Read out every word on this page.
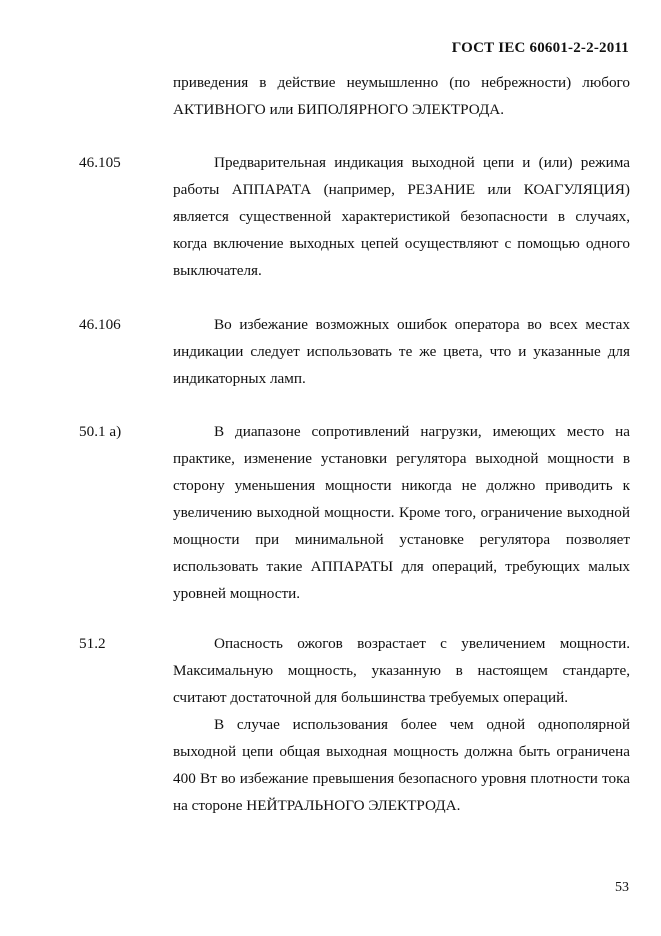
ГОСТ IEC 60601-2-2-2011

приведения в действие неумышленно (по небрежности) любого АКТИВНОГО или БИПОЛЯРНОГО ЭЛЕКТРОДА.

46.105	Предварительная индикация выходной цепи и (или) режима работы АППАРАТА (например, РЕЗАНИЕ или КОАГУЛЯЦИЯ) является существенной характеристикой безопасности в случаях, когда включение выходных цепей осуществляют с помощью одного выключателя.

46.106	Во избежание возможных ошибок оператора во всех местах индикации следует использовать те же цвета, что и указанные для индикаторных ламп.

50.1 а)	В диапазоне сопротивлений нагрузки, имеющих место на практике, изменение установки регулятора выходной мощности в сторону уменьшения мощности никогда не должно приводить к увеличению выходной мощности. Кроме того, ограничение выходной мощности при минимальной установке регулятора позволяет использовать такие АППАРАТЫ для операций, требующих малых уровней мощности.

51.2	Опасность ожогов возрастает с увеличением мощности. Максимальную мощность, указанную в настоящем стандарте, считают достаточной для большинства требуемых операций.

В случае использования более чем одной однополярной выходной цепи общая выходная мощность должна быть ограничена 400 Вт во избежание превышения безопасного уровня плотности тока на стороне НЕЙТРАЛЬНОГО ЭЛЕКТРОДА.

53
